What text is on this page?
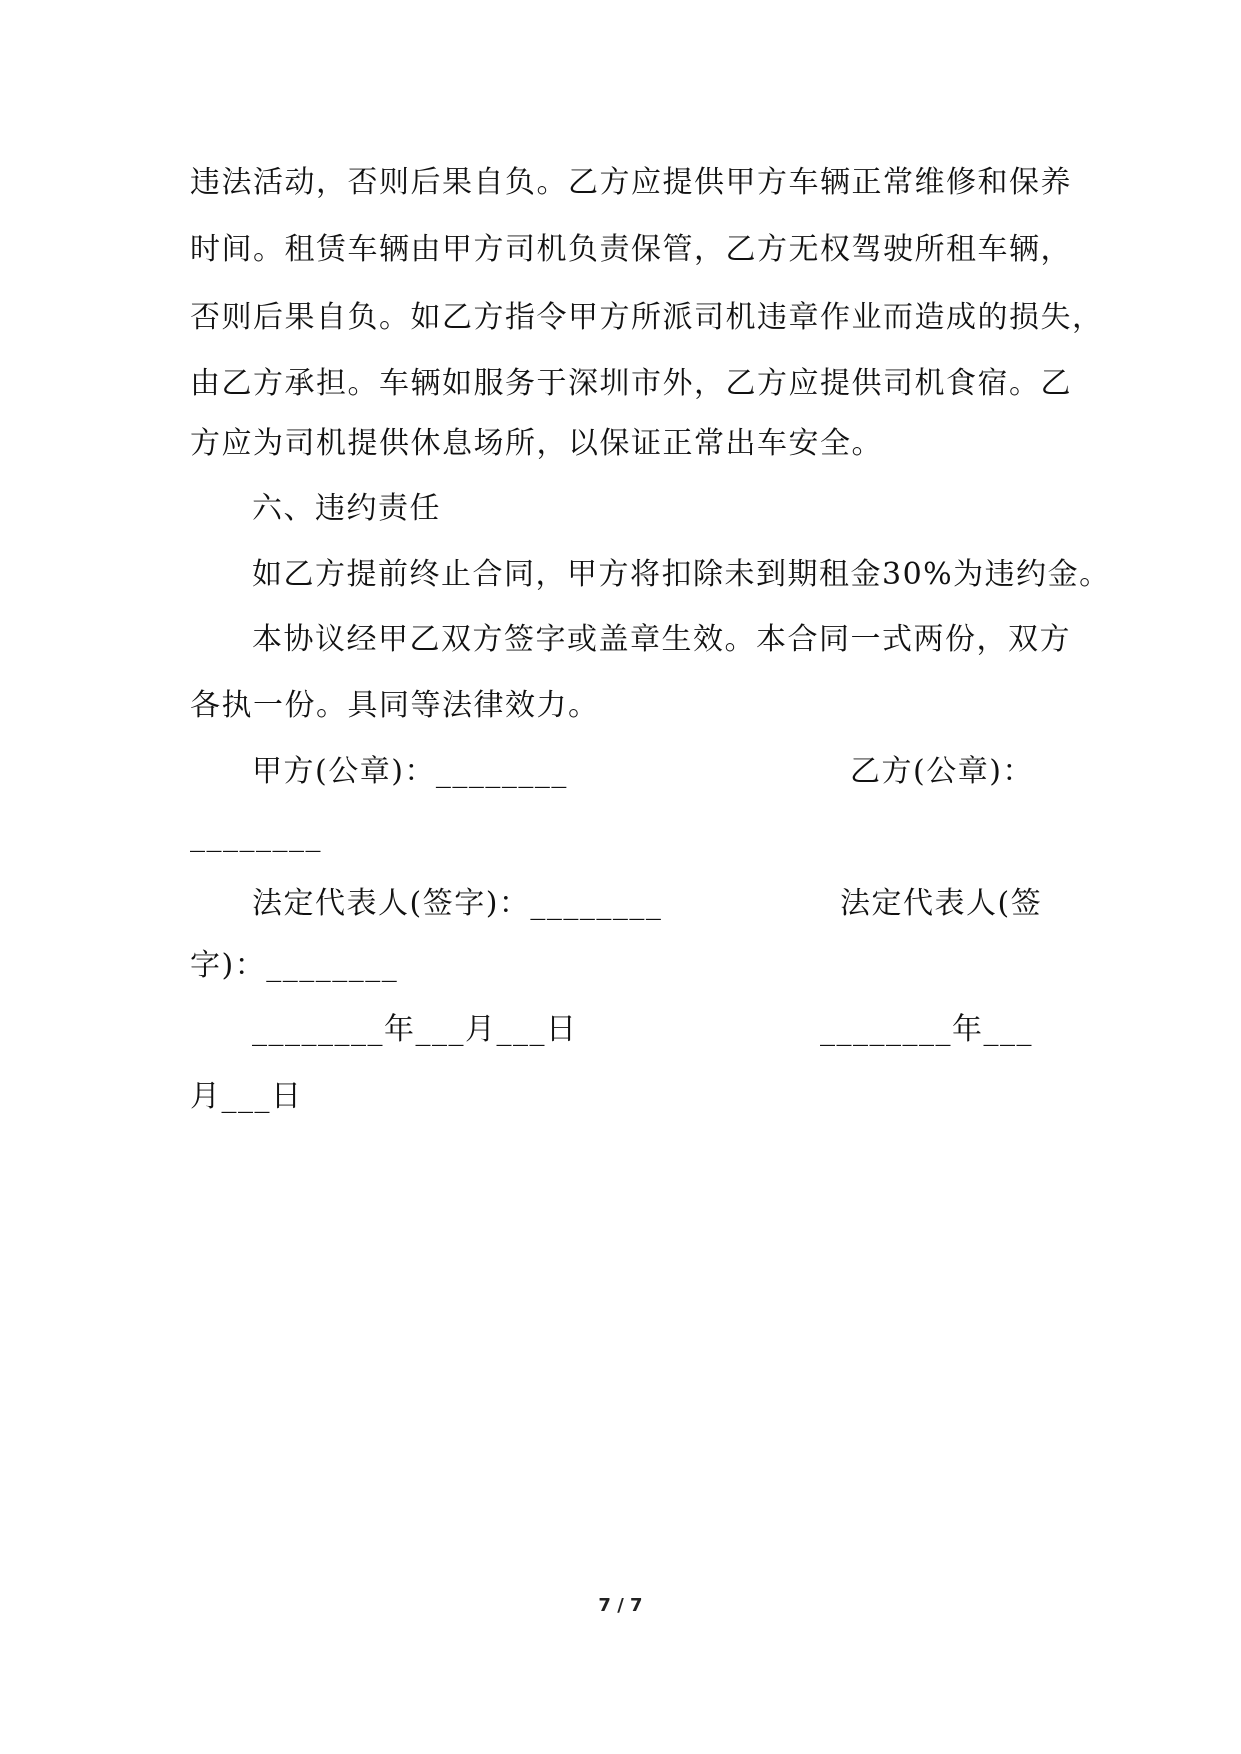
违法活动，否则后果自负。乙方应提供甲方车辆正常维修和保养
时间。租赁车辆由甲方司机负责保管，乙方无权驾驶所租车辆，
否则后果自负。如乙方指令甲方所派司机违章作业而造成的损失，
由乙方承担。车辆如服务于深圳市外，乙方应提供司机食宿。乙
方应为司机提供休息场所，以保证正常出车安全。
六、违约责任
如乙方提前终止合同，甲方将扣除未到期租金30%为违约金。
本协议经甲乙双方签字或盖章生效。本合同一式两份，双方
各执一份。具同等法律效力。
甲方(公章)：________	乙方(公章)：
________
法定代表人(签字)：________	法定代表人(签
字)：________
________年___月___日	________年___
月___日
7 / 7
